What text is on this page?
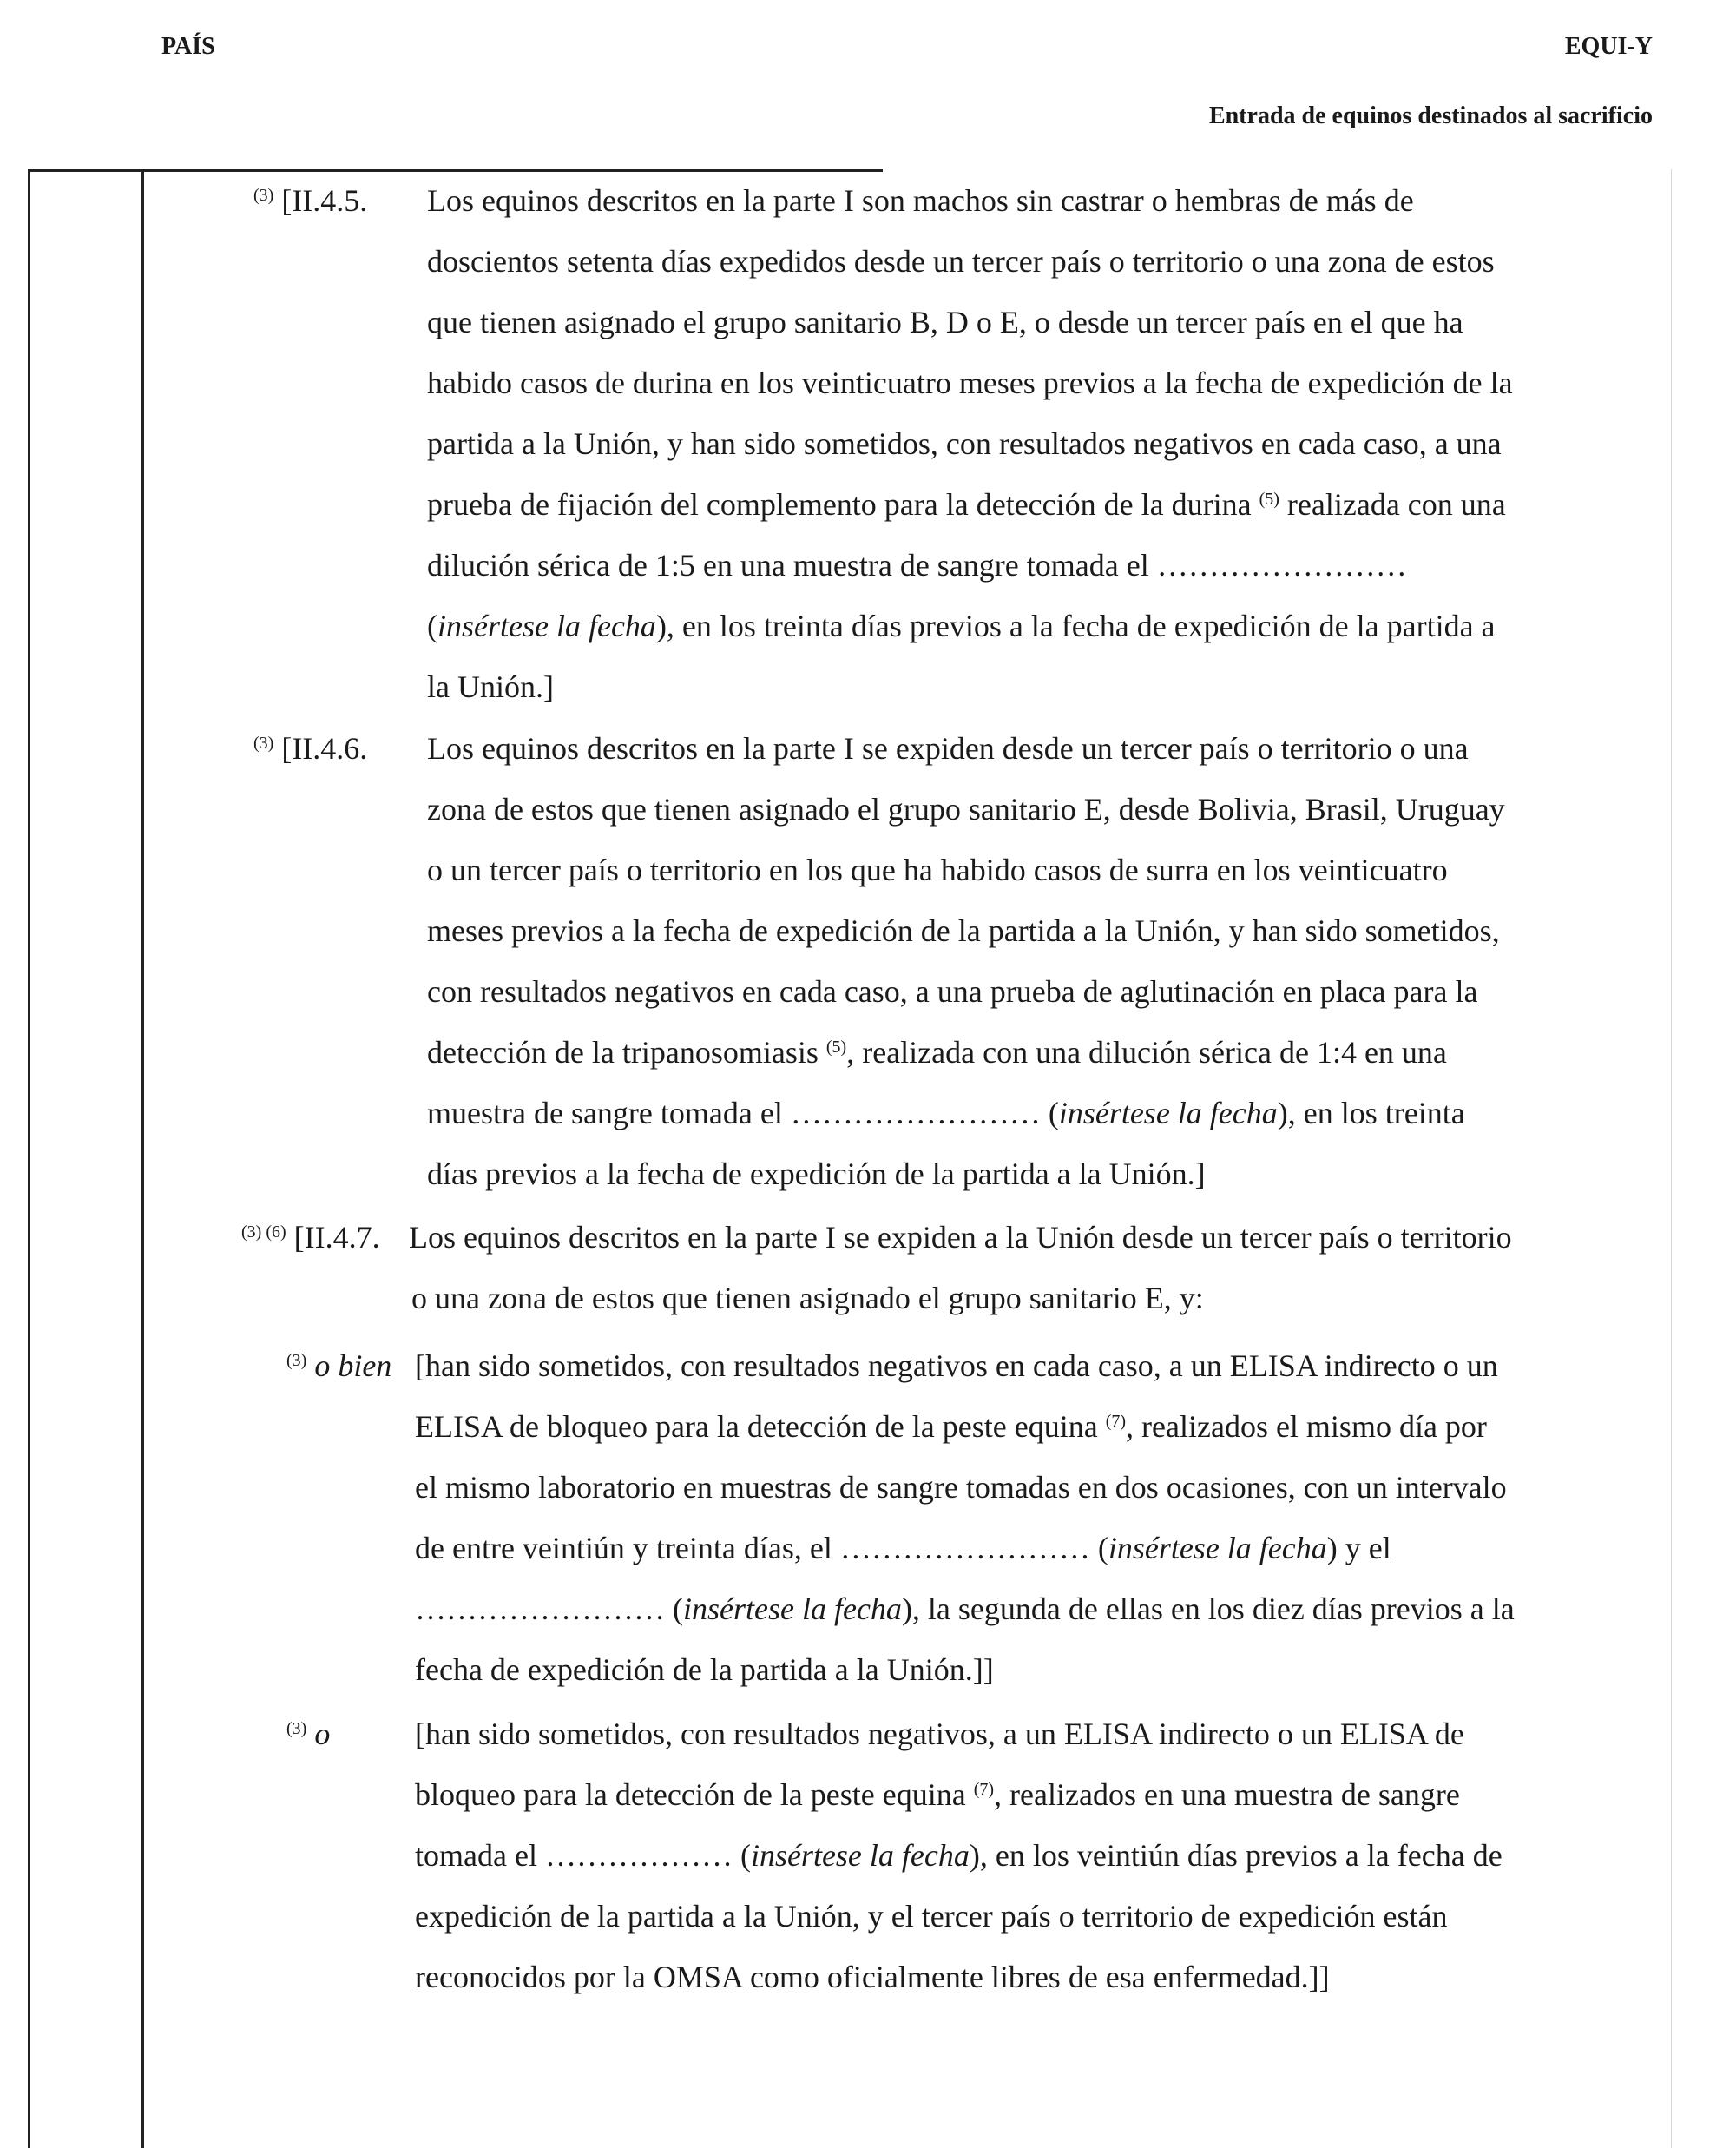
PAÍS	EQUI-Y
Entrada de equinos destinados al sacrificio
$^{(3)}$ [II.4.5. Los equinos descritos en la parte I son machos sin castrar o hembras de más de
doscientos setenta días expedidos desde un tercer país o territorio o una zona de estos
que tienen asignado el grupo sanitario B, D o E, o desde un tercer país en el que ha
habido casos de durina en los veinticuatro meses previos a la fecha de expedición de la
partida a la Unión, y han sido sometidos, con resultados negativos en cada caso, a una
prueba de fijación del complemento para la detección de la durina $^{(5)}$ realizada con una
dilución sérica de 1:5 en una muestra de sangre tomada el ……………………
(insértese la fecha), en los treinta días previos a la fecha de expedición de la partida a
la Unión.]
$^{(3)}$ [II.4.6. Los equinos descritos en la parte I se expiden desde un tercer país o territorio o una
zona de estos que tienen asignado el grupo sanitario E, desde Bolivia, Brasil, Uruguay
o un tercer país o territorio en los que ha habido casos de surra en los veinticuatro
meses previos a la fecha de expedición de la partida a la Unión, y han sido sometidos,
con resultados negativos en cada caso, a una prueba de aglutinación en placa para la
detección de la tripanosomiasis $^{(5)}$, realizada con una dilución sérica de 1:4 en una
muestra de sangre tomada el …………………… (insértese la fecha), en los treinta
días previos a la fecha de expedición de la partida a la Unión.]
$^{(3) (6)}$ [II.4.7. Los equinos descritos en la parte I se expiden a la Unión desde un tercer país o territorio
o una zona de estos que tienen asignado el grupo sanitario E, y:
$^{(3)}$ o bien [han sido sometidos, con resultados negativos en cada caso, a un ELISA indirecto o un
ELISA de bloqueo para la detección de la peste equina $^{(7)}$, realizados el mismo día por
el mismo laboratorio en muestras de sangre tomadas en dos ocasiones, con un intervalo
de entre veintiún y treinta días, el …………………… (insértese la fecha) y el
…………………… (insértese la fecha), la segunda de ellas en los diez días previos a la
fecha de expedición de la partida a la Unión.]]
$^{(3)}$ o	[han sido sometidos, con resultados negativos, a un ELISA indirecto o un ELISA de
bloqueo para la detección de la peste equina $^{(7)}$, realizados en una muestra de sangre
tomada el ……………… (insértese la fecha), en los veintiún días previos a la fecha de
expedición de la partida a la Unión, y el tercer país o territorio de expedición están
reconocidos por la OMSA como oficialmente libres de esa enfermedad.]]
